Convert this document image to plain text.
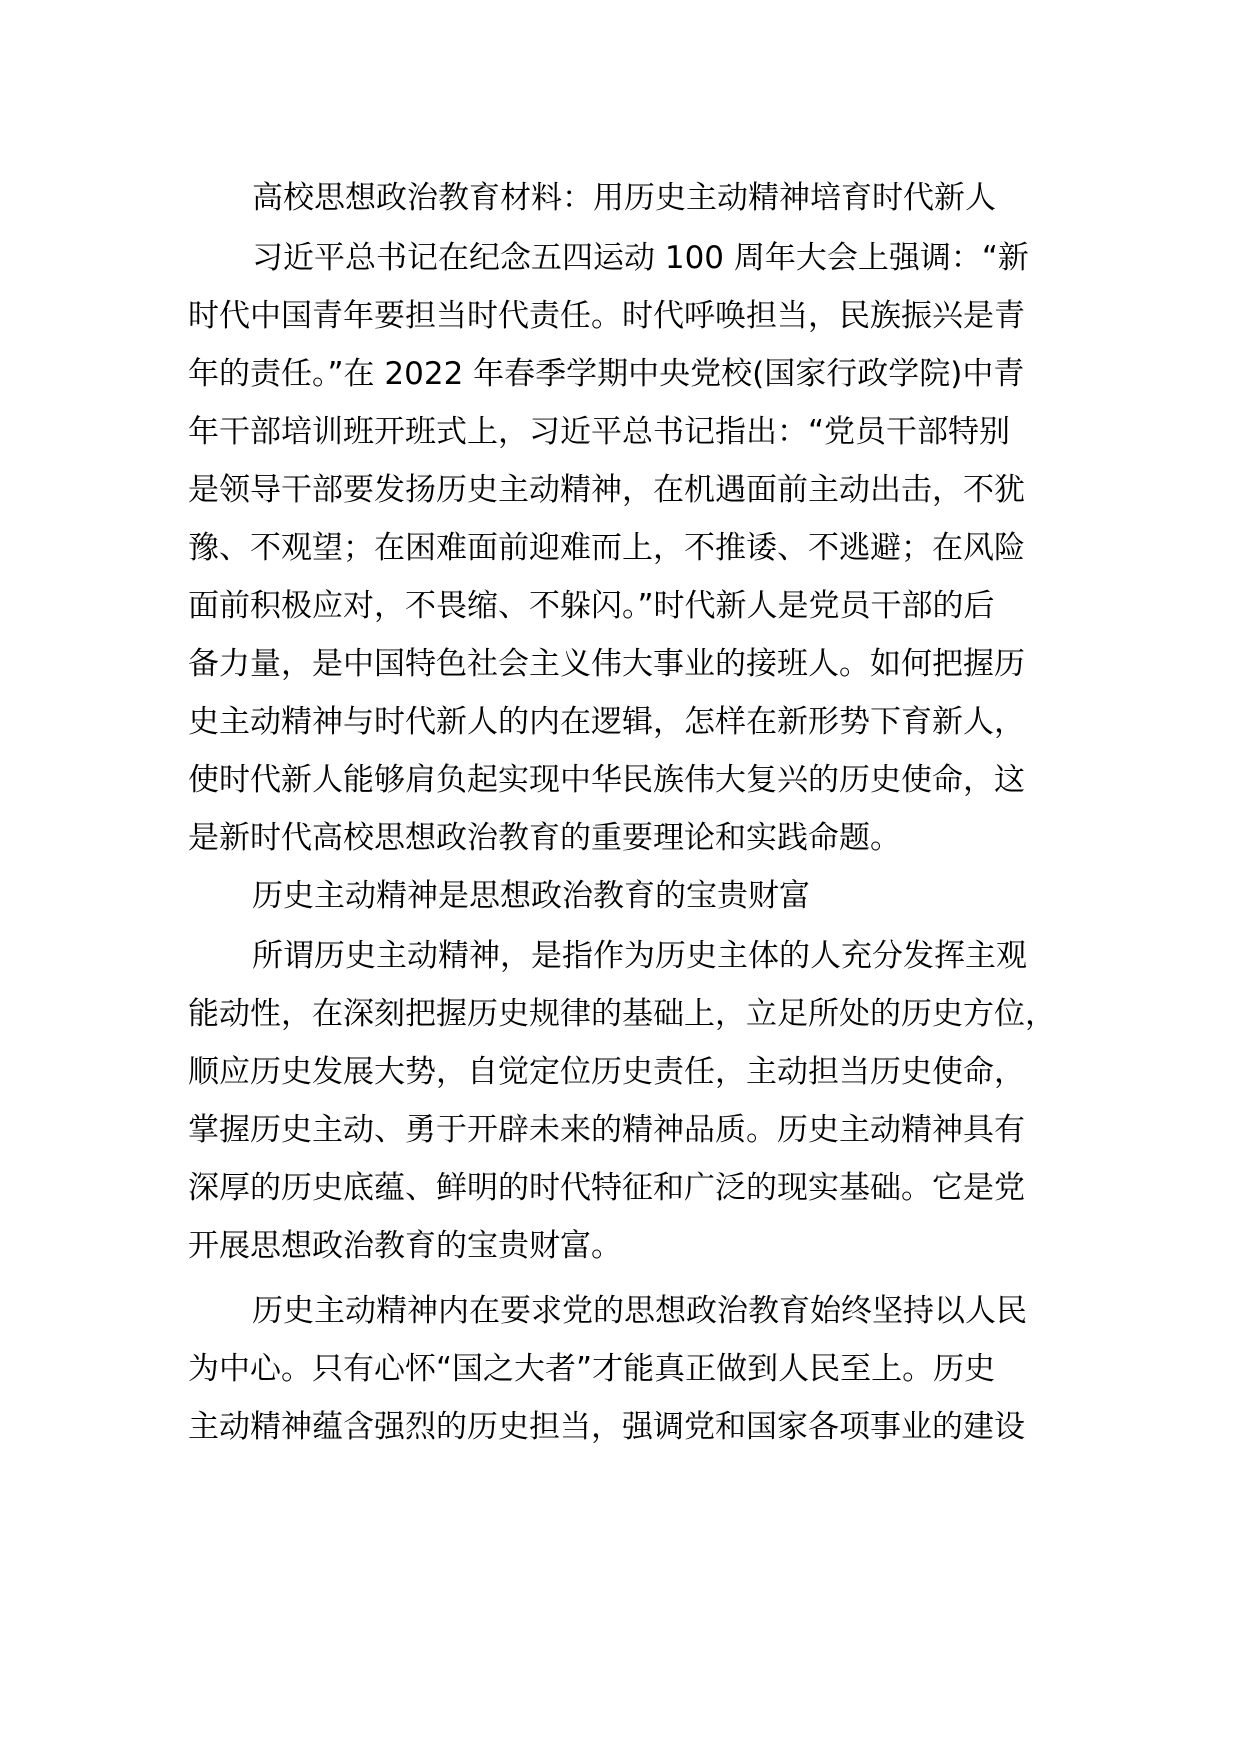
高校思想政治教育材料：用历史主动精神培育时代新人

习近平总书记在纪念五四运动 100 周年大会上强调：“新

时代中国青年要担当时代责任。时代呼唤担当，民族振兴是青

年的责任。”在 2022 年春季学期中央党校(国家行政学院)中青

年干部培训班开班式上，习近平总书记指出：“党员干部特别

是领导干部要发扬历史主动精神，在机遇面前主动出击，不犹

豫、不观望；在困难面前迎难而上，不推诿、不逃避；在风险

面前积极应对，不畏缩、不躲闪。”时代新人是党员干部的后

备力量，是中国特色社会主义伟大事业的接班人。如何把握历

史主动精神与时代新人的内在逻辑，怎样在新形势下育新人，

使时代新人能够肩负起实现中华民族伟大复兴的历史使命，这

是新时代高校思想政治教育的重要理论和实践命题。

历史主动精神是思想政治教育的宝贵财富

所谓历史主动精神，是指作为历史主体的人充分发挥主观

能动性，在深刻把握历史规律的基础上，立足所处的历史方位，

顺应历史发展大势，自觉定位历史责任，主动担当历史使命，

掌握历史主动、勇于开辟未来的精神品质。历史主动精神具有

深厚的历史底蕴、鲜明的时代特征和广泛的现实基础。它是党

开展思想政治教育的宝贵财富。

历史主动精神内在要求党的思想政治教育始终坚持以人民

为中心。只有心怀“国之大者”才能真正做到人民至上。历史

主动精神蕴含强烈的历史担当，强调党和国家各项事业的建设
